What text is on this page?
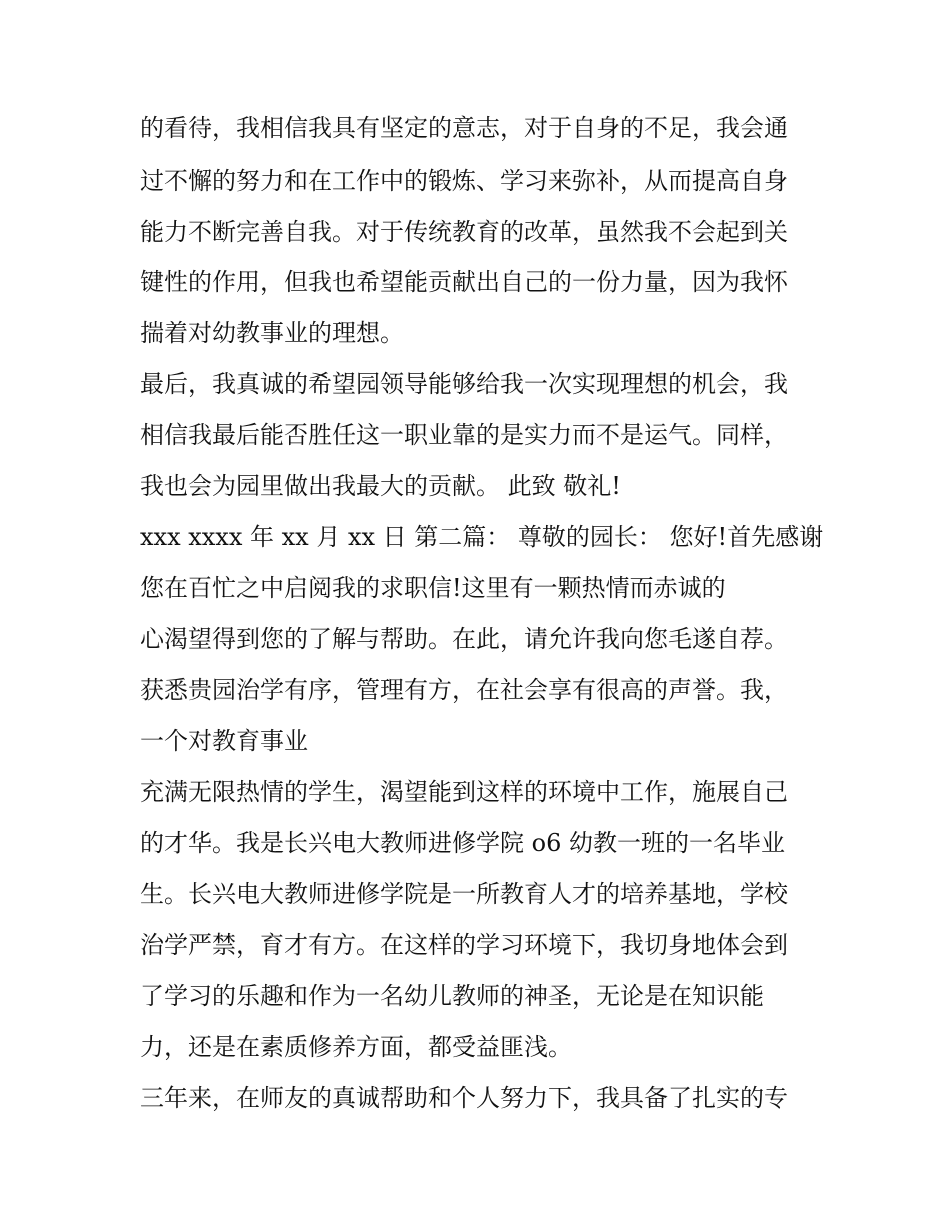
的看待，我相信我具有坚定的意志，对于自身的不足，我会通
过不懈的努力和在工作中的锻炼、学习来弥补，从而提高自身
能力不断完善自我。对于传统教育的改革，虽然我不会起到关
键性的作用，但我也希望能贡献出自己的一份力量，因为我怀
揣着对幼教事业的理想。
最后，我真诚的希望园领导能够给我一次实现理想的机会，我
相信我最后能否胜任这一职业靠的是实力而不是运气。同样，
我也会为园里做出我最大的贡献。 此致 敬礼!
xxx xxxx 年 xx 月 xx 日 第二篇： 尊敬的园长： 您好!首先感谢
您在百忙之中启阅我的求职信!这里有一颗热情而赤诚的
心渴望得到您的了解与帮助。在此，请允许我向您毛遂自荐。
获悉贵园治学有序，管理有方，在社会享有很高的声誉。我，
一个对教育事业
充满无限热情的学生，渴望能到这样的环境中工作，施展自己
的才华。我是长兴电大教师进修学院 o6 幼教一班的一名毕业
生。长兴电大教师进修学院是一所教育人才的培养基地，学校
治学严禁，育才有方。在这样的学习环境下，我切身地体会到
了学习的乐趣和作为一名幼儿教师的神圣，无论是在知识能
力，还是在素质修养方面，都受益匪浅。
三年来，在师友的真诚帮助和个人努力下，我具备了扎实的专
